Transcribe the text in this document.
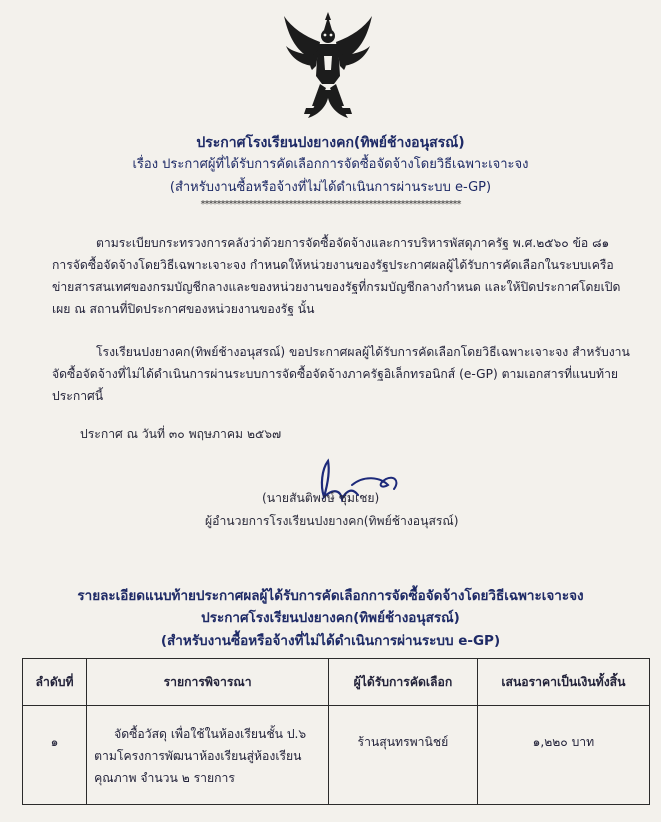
ประกาศโรงเรียนปงยางคก(ทิพย์ช้างอนุสรณ์)
เรื่อง ประกาศผู้ที่ได้รับการคัดเลือกการจัดซื้อจัดจ้างโดยวิธีเฉพาะเจาะจง
(สำหรับงานซื้อหรือจ้างที่ไม่ได้ดำเนินการผ่านระบบ e-GP)
*****************************************************************
ตามระเบียบกระทรวงการคลังว่าด้วยการจัดซื้อจัดจ้างและการบริหารพัสดุภาครัฐ พ.ศ.๒๕๖๐ ข้อ ๘๑ การจัดซื้อจัดจ้างโดยวิธีเฉพาะเจาะจง กำหนดให้หน่วยงานของรัฐประกาศผลผู้ได้รับการคัดเลือกในระบบเครือข่ายสารสนเทศของกรมบัญชีกลางและของหน่วยงานของรัฐที่กรมบัญชีกลางกำหนด และให้ปิดประกาศโดยเปิดเผย ณ สถานที่ปิดประกาศของหน่วยงานของรัฐ นั้น
โรงเรียนปงยางคก(ทิพย์ช้างอนุสรณ์) ขอประกาศผลผู้ได้รับการคัดเลือกโดยวิธีเฉพาะเจาะจง สำหรับงานจัดซื้อจัดจ้างที่ไม่ได้ดำเนินการผ่านระบบการจัดซื้อจัดจ้างภาครัฐอิเล็กทรอนิกส์ (e-GP) ตามเอกสารที่แนบท้ายประกาศนี้
ประกาศ ณ วันที่ ๓๐ พฤษภาคม ๒๕๖๗
(นายสันติพงษ์ ชุ่มเชย)
ผู้อำนวยการโรงเรียนปงยางคก(ทิพย์ช้างอนุสรณ์)
รายละเอียดแนบท้ายประกาศผลผู้ได้รับการคัดเลือกการจัดซื้อจัดจ้างโดยวิธีเฉพาะเจาะจง
ประกาศโรงเรียนปงยางคก(ทิพย์ช้างอนุสรณ์)
(สำหรับงานซื้อหรือจ้างที่ไม่ได้ดำเนินการผ่านระบบ e-GP)
ลำดับที่	รายการพิจารณา	ผู้ได้รับการคัดเลือก	เสนอราคาเป็นเงินทั้งสิ้น

๑	จัดซื้อวัสดุ เพื่อใช้ในห้องเรียนชั้น ป.๖ ตามโครงการพัฒนาห้องเรียนสู่ห้องเรียนคุณภาพ จำนวน ๒ รายการ	ร้านสุนทรพานิชย์	๑,๒๒๐ บาท
